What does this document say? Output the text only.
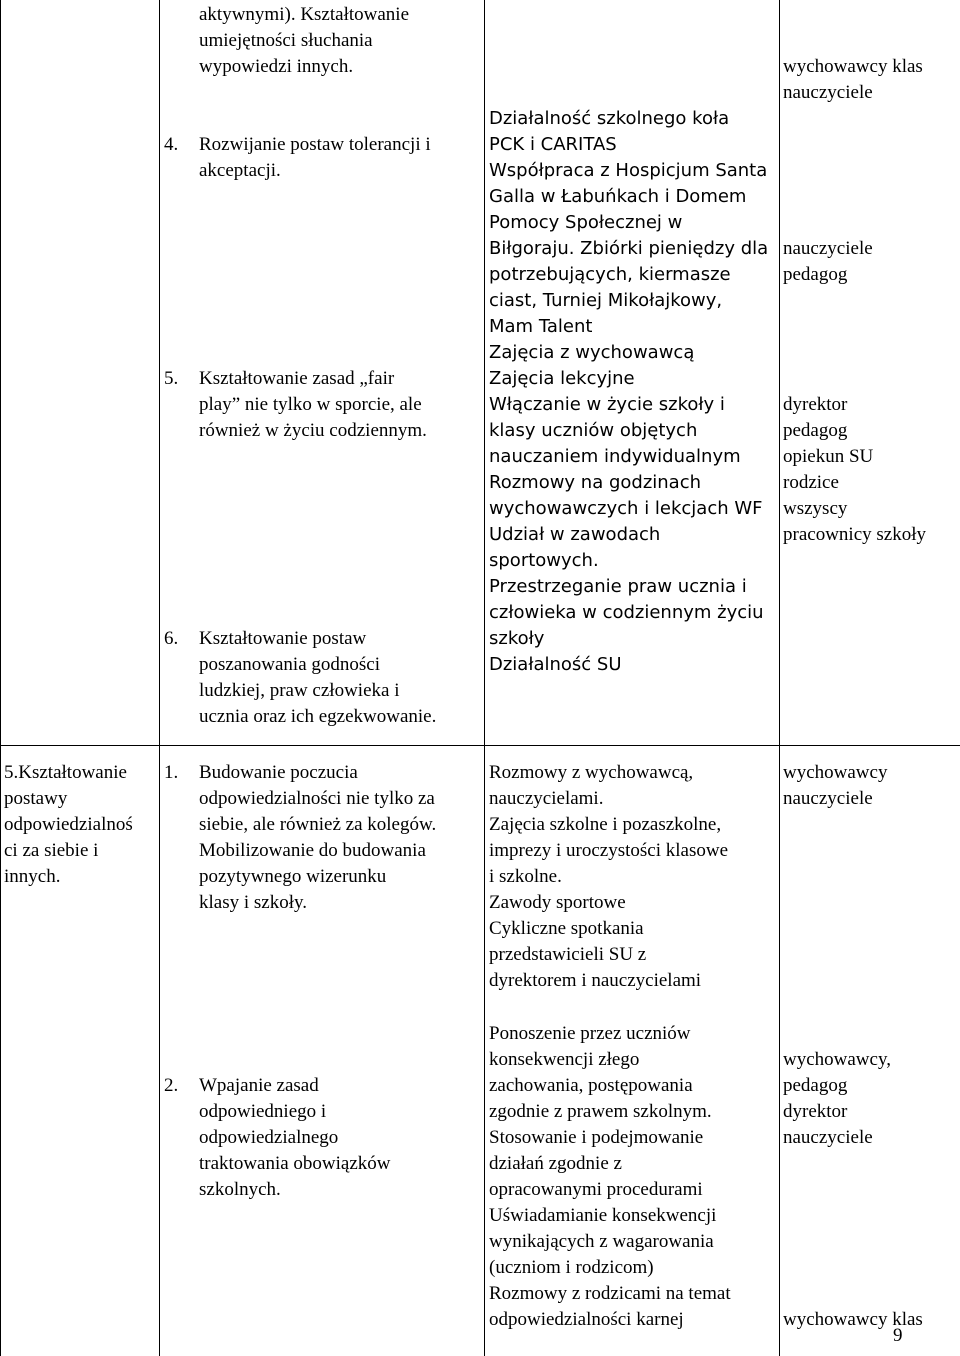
aktywnymi). Kształtowanie
umiejętności słuchania
wypowiedzi innych.
4. Rozwijanie postaw tolerancji i
akceptacji.
5. Kształtowanie zasad „fair
play” nie tylko w sporcie, ale
również w życiu codziennym.
6. Kształtowanie postaw
poszanowania godności
ludzkiej, praw człowieka i
ucznia oraz ich egzekwowanie.
Działalność szkolnego koła
PCK i CARITAS
Współpraca z Hospicjum Santa
Galla w Łabuńkach i Domem
Pomocy Społecznej w
Biłgoraju. Zbiórki pieniędzy dla
potrzebujących, kiermasze
ciast, Turniej Mikołajkowy,
Mam Talent
Zajęcia z wychowawcą
Zajęcia lekcyjne
Włączanie w życie szkoły i
klasy uczniów objętych
nauczaniem indywidualnym
Rozmowy na godzinach
wychowawczych i lekcjach WF
Udział w zawodach
sportowych.
Przestrzeganie praw ucznia i
człowieka w codziennym życiu
szkoły
Działalność SU
wychowawcy klas
nauczyciele
nauczyciele
pedagog
dyrektor
pedagog
opiekun SU
rodzice
wszyscy
pracownicy szkoły
5.Kształtowanie
postawy
odpowiedzialnoś
ci za siebie i
innych.
1. Budowanie poczucia
odpowiedzialności nie tylko za
siebie, ale również za kolegów.
Mobilizowanie do budowania
pozytywnego wizerunku
klasy i szkoły.
2. Wpajanie zasad
odpowiedniego i
odpowiedzialnego
traktowania obowiązków
szkolnych.
Rozmowy z wychowawcą,
nauczycielami.
Zajęcia szkolne i pozaszkolne,
imprezy i uroczystości klasowe
i szkolne.
Zawody sportowe
Cykliczne spotkania
przedstawicieli SU z
dyrektorem i nauczycielami
Ponoszenie przez uczniów
konsekwencji złego
zachowania, postępowania
zgodnie z prawem szkolnym.
Stosowanie i podejmowanie
działań zgodnie z
opracowanymi procedurami
Uświadamianie konsekwencji
wynikających z wagarowania
(uczniom i rodzicom)
Rozmowy z rodzicami na temat
odpowiedzialności karnej
wychowawcy
nauczyciele
wychowawcy,
pedagog
dyrektor
nauczyciele
wychowawcy klas
9
